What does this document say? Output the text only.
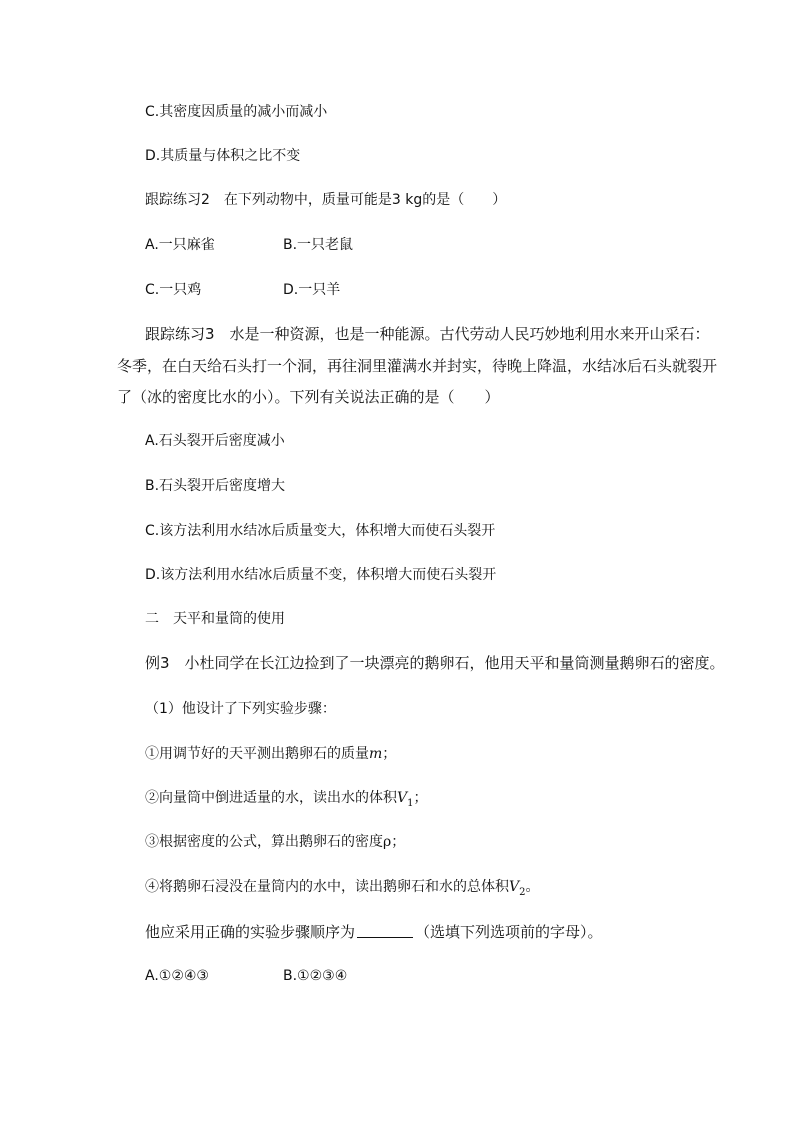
C.其密度因质量的减小而减小
D.其质量与体积之比不变
跟踪练习2　在下列动物中，质量可能是3 kg的是（　　）
A.一只麻雀	B.一只老鼠
C.一只鸡	D.一只羊
跟踪练习3　水是一种资源，也是一种能源。古代劳动人民巧妙地利用水来开山采石：
冬季，在白天给石头打一个洞，再往洞里灌满水并封实，待晚上降温，水结冰后石头就裂开
了（冰的密度比水的小）。下列有关说法正确的是（　　）
A.石头裂开后密度减小
B.石头裂开后密度增大
C.该方法利用水结冰后质量变大，体积增大而使石头裂开
D.该方法利用水结冰后质量不变，体积增大而使石头裂开
二　天平和量筒的使用
例3　小杜同学在长江边捡到了一块漂亮的鹅卵石，他用天平和量筒测量鹅卵石的密度。
（1）他设计了下列实验步骤：
①用调节好的天平测出鹅卵石的质量m；
②向量筒中倒进适量的水，读出水的体积$V_1$；
③根据密度的公式，算出鹅卵石的密度ρ；
④将鹅卵石浸没在量筒内的水中，读出鹅卵石和水的总体积$V_2$。
他应采用正确的实验步骤顺序为	（选填下列选项前的字母）。
A.①②④③	B.①②③④
